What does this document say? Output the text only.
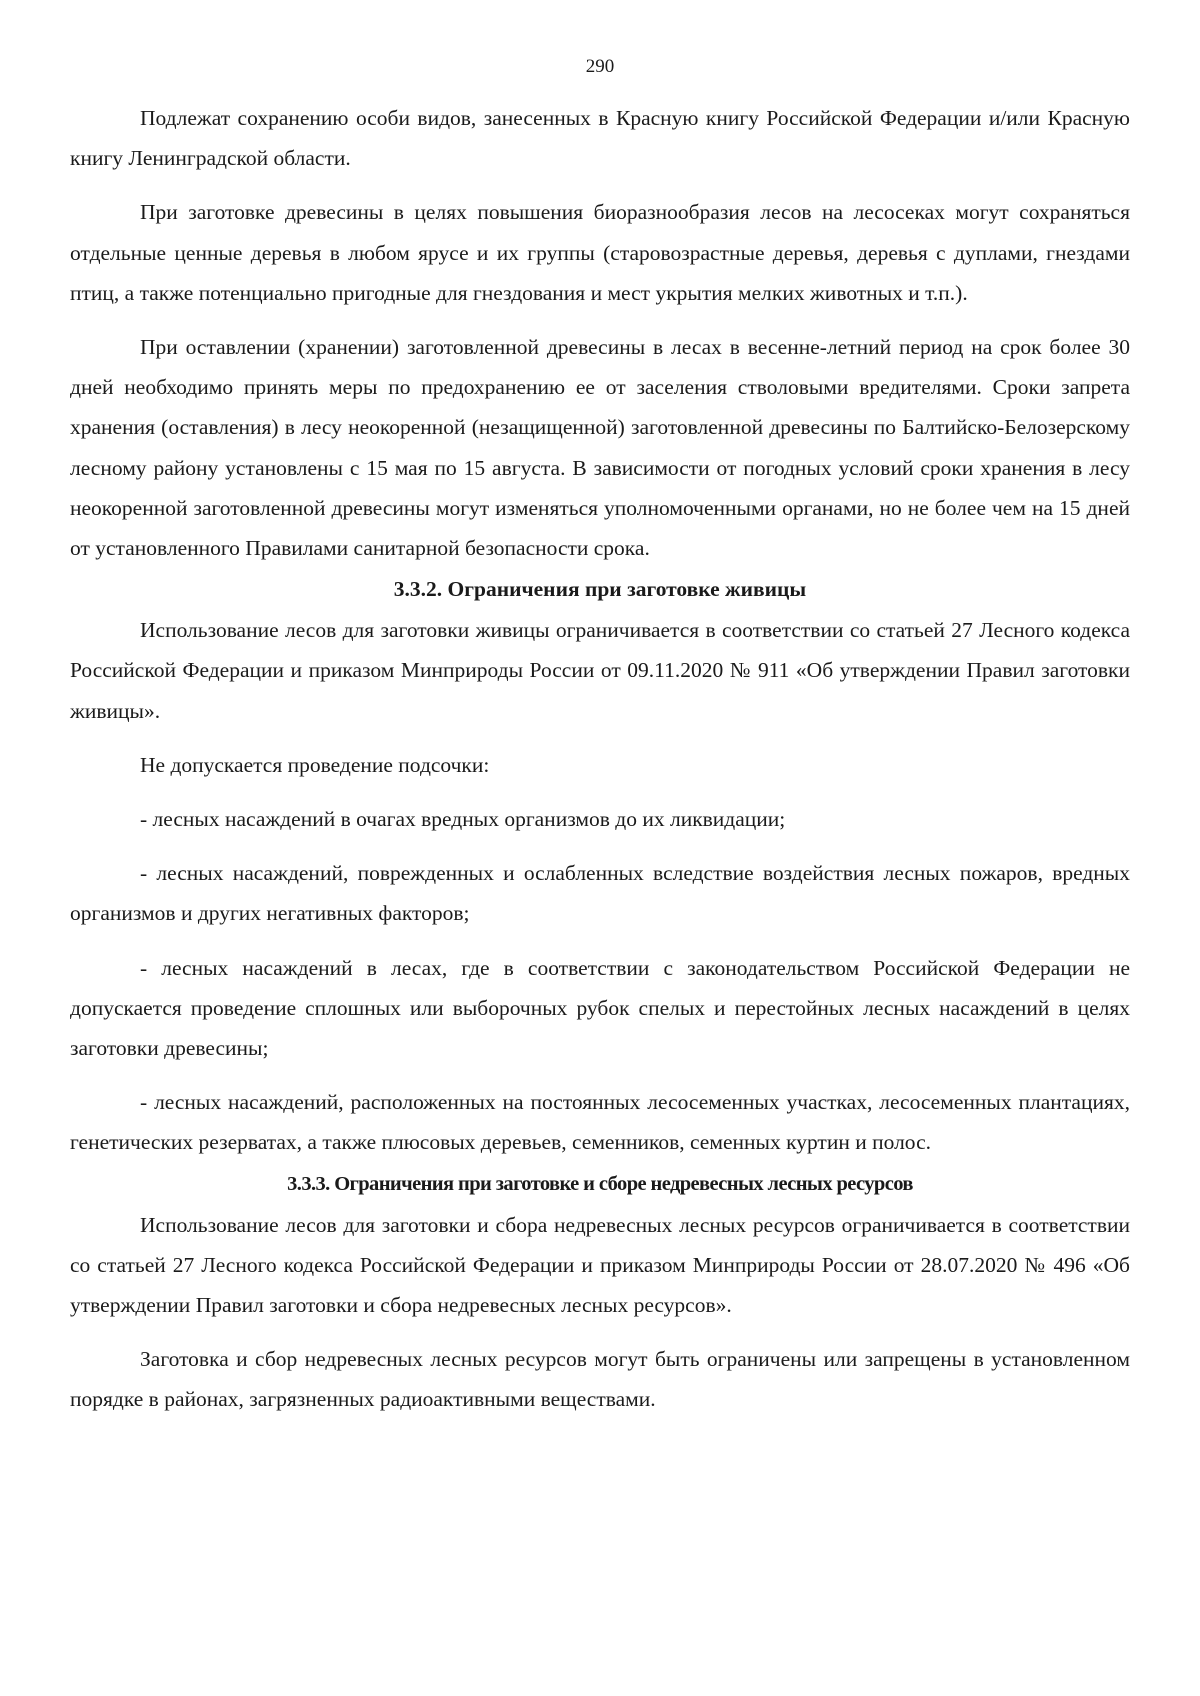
290

Подлежат сохранению особи видов, занесенных в Красную книгу Российской Федерации и/или Красную книгу Ленинградской области.

При заготовке древесины в целях повышения биоразнообразия лесов на лесосеках могут сохраняться отдельные ценные деревья в любом ярусе и их группы (старовозрастные деревья, деревья с дуплами, гнездами птиц, а также потенциально пригодные для гнездования и мест укрытия мелких животных и т.п.).

При оставлении (хранении) заготовленной древесины в лесах в весенне-летний период на срок более 30 дней необходимо принять меры по предохранению ее от заселения стволовыми вредителями. Сроки запрета хранения (оставления) в лесу неокоренной (незащищенной) заготовленной древесины по Балтийско-Белозерскому лесному району установлены с 15 мая по 15 августа. В зависимости от погодных условий сроки хранения в лесу неокоренной заготовленной древесины могут изменяться уполномоченными органами, но не более чем на 15 дней от установленного Правилами санитарной безопасности срока.

3.3.2. Ограничения при заготовке живицы

Использование лесов для заготовки живицы ограничивается в соответствии со статьей 27 Лесного кодекса Российской Федерации и приказом Минприроды России от 09.11.2020 № 911 «Об утверждении Правил заготовки живицы».

Не допускается проведение подсочки:

- лесных насаждений в очагах вредных организмов до их ликвидации;

- лесных насаждений, поврежденных и ослабленных вследствие воздействия лесных пожаров, вредных организмов и других негативных факторов;

- лесных насаждений в лесах, где в соответствии с законодательством Российской Федерации не допускается проведение сплошных или выборочных рубок спелых и перестойных лесных насаждений в целях заготовки древесины;

- лесных насаждений, расположенных на постоянных лесосеменных участках, лесосеменных плантациях, генетических резерватах, а также плюсовых деревьев, семенников, семенных куртин и полос.

3.3.3. Ограничения при заготовке и сборе недревесных лесных ресурсов

Использование лесов для заготовки и сбора недревесных лесных ресурсов ограничивается в соответствии со статьей 27 Лесного кодекса Российской Федерации и приказом Минприроды России от 28.07.2020 № 496 «Об утверждении Правил заготовки и сбора недревесных лесных ресурсов».

Заготовка и сбор недревесных лесных ресурсов могут быть ограничены или запрещены в установленном порядке в районах, загрязненных радиоактивными веществами.
